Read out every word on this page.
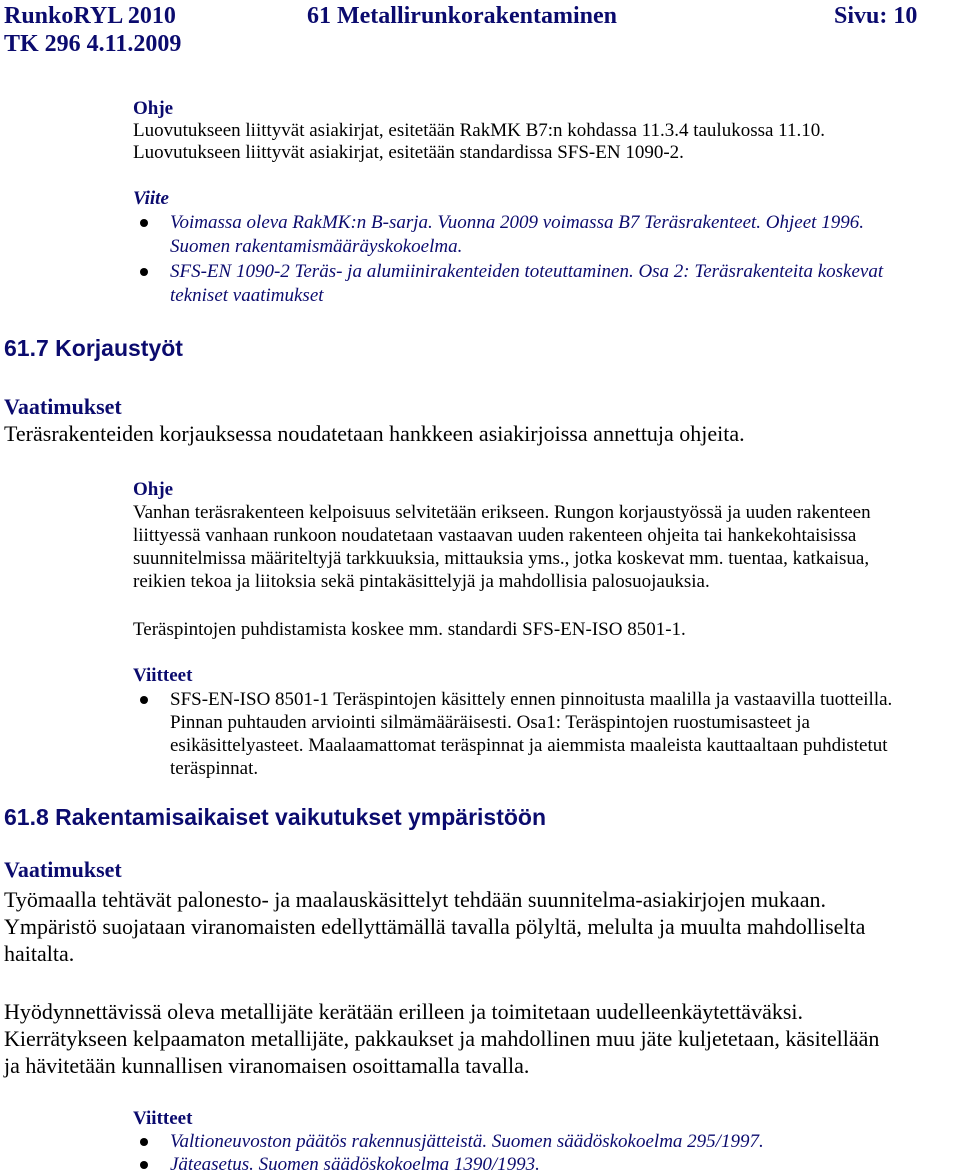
RunkoRYL 2010
TK 296 4.11.2009
61 Metallirunkorakentaminen	Sivu: 10
Ohje
Luovutukseen liittyvät asiakirjat, esitetään RakMK B7:n kohdassa 11.3.4 taulukossa 11.10.
Luovutukseen liittyvät asiakirjat, esitetään standardissa SFS-EN 1090-2.
Viite
Voimassa oleva RakMK:n B-sarja. Vuonna 2009 voimassa B7 Teräsrakenteet. Ohjeet 1996.
Suomen rakentamismääräyskokoelma.
SFS-EN 1090-2 Teräs- ja alumiinirakenteiden toteuttaminen. Osa 2: Teräsrakenteita koskevat
tekniset vaatimukset
61.7 Korjaustyöt
Vaatimukset
Teräsrakenteiden korjauksessa noudatetaan hankkeen asiakirjoissa annettuja ohjeita.
Ohje
Vanhan teräsrakenteen kelpoisuus selvitetään erikseen. Rungon korjaustyössä ja uuden rakenteen
liittyessä vanhaan runkoon noudatetaan vastaavan uuden rakenteen ohjeita tai hankekohtaisissa
suunnitelmissa määriteltyjä tarkkuuksia, mittauksia yms., jotka koskevat mm. tuentaa, katkaisua,
reikien tekoa ja liitoksia sekä pintakäsittelyjä ja mahdollisia palosuojauksia.
Teräspintojen puhdistamista koskee mm. standardi SFS-EN-ISO 8501-1.
Viitteet
SFS-EN-ISO 8501-1 Teräspintojen käsittely ennen pinnoitusta maalilla ja vastaavilla tuotteilla.
Pinnan puhtauden arviointi silmämääräisesti. Osa1: Teräspintojen ruostumisasteet ja
esikäsittelyasteet. Maalaamattomat teräspinnat ja aiemmista maaleista kauttaaltaan puhdistetut
teräspinnat.
61.8 Rakentamisaikaiset vaikutukset ympäristöön
Vaatimukset
Työmaalla tehtävät palonesto- ja maalauskäsittelyt tehdään suunnitelma-asiakirjojen mukaan.
Ympäristö suojataan viranomaisten edellyttämällä tavalla pölyltä, melulta ja muulta mahdolliselta
haitalta.
Hyödynnettävissä oleva metallijäte kerätään erilleen ja toimitetaan uudelleenkäytettäväksi.
Kierrätykseen kelpaamaton metallijäte, pakkaukset ja mahdollinen muu jäte kuljetetaan, käsitellään
ja hävitetään kunnallisen viranomaisen osoittamalla tavalla.
Viitteet
Valtioneuvoston päätös rakennusjätteistä. Suomen säädöskokoelma 295/1997.
Jäteasetus. Suomen säädöskokoelma 1390/1993.
